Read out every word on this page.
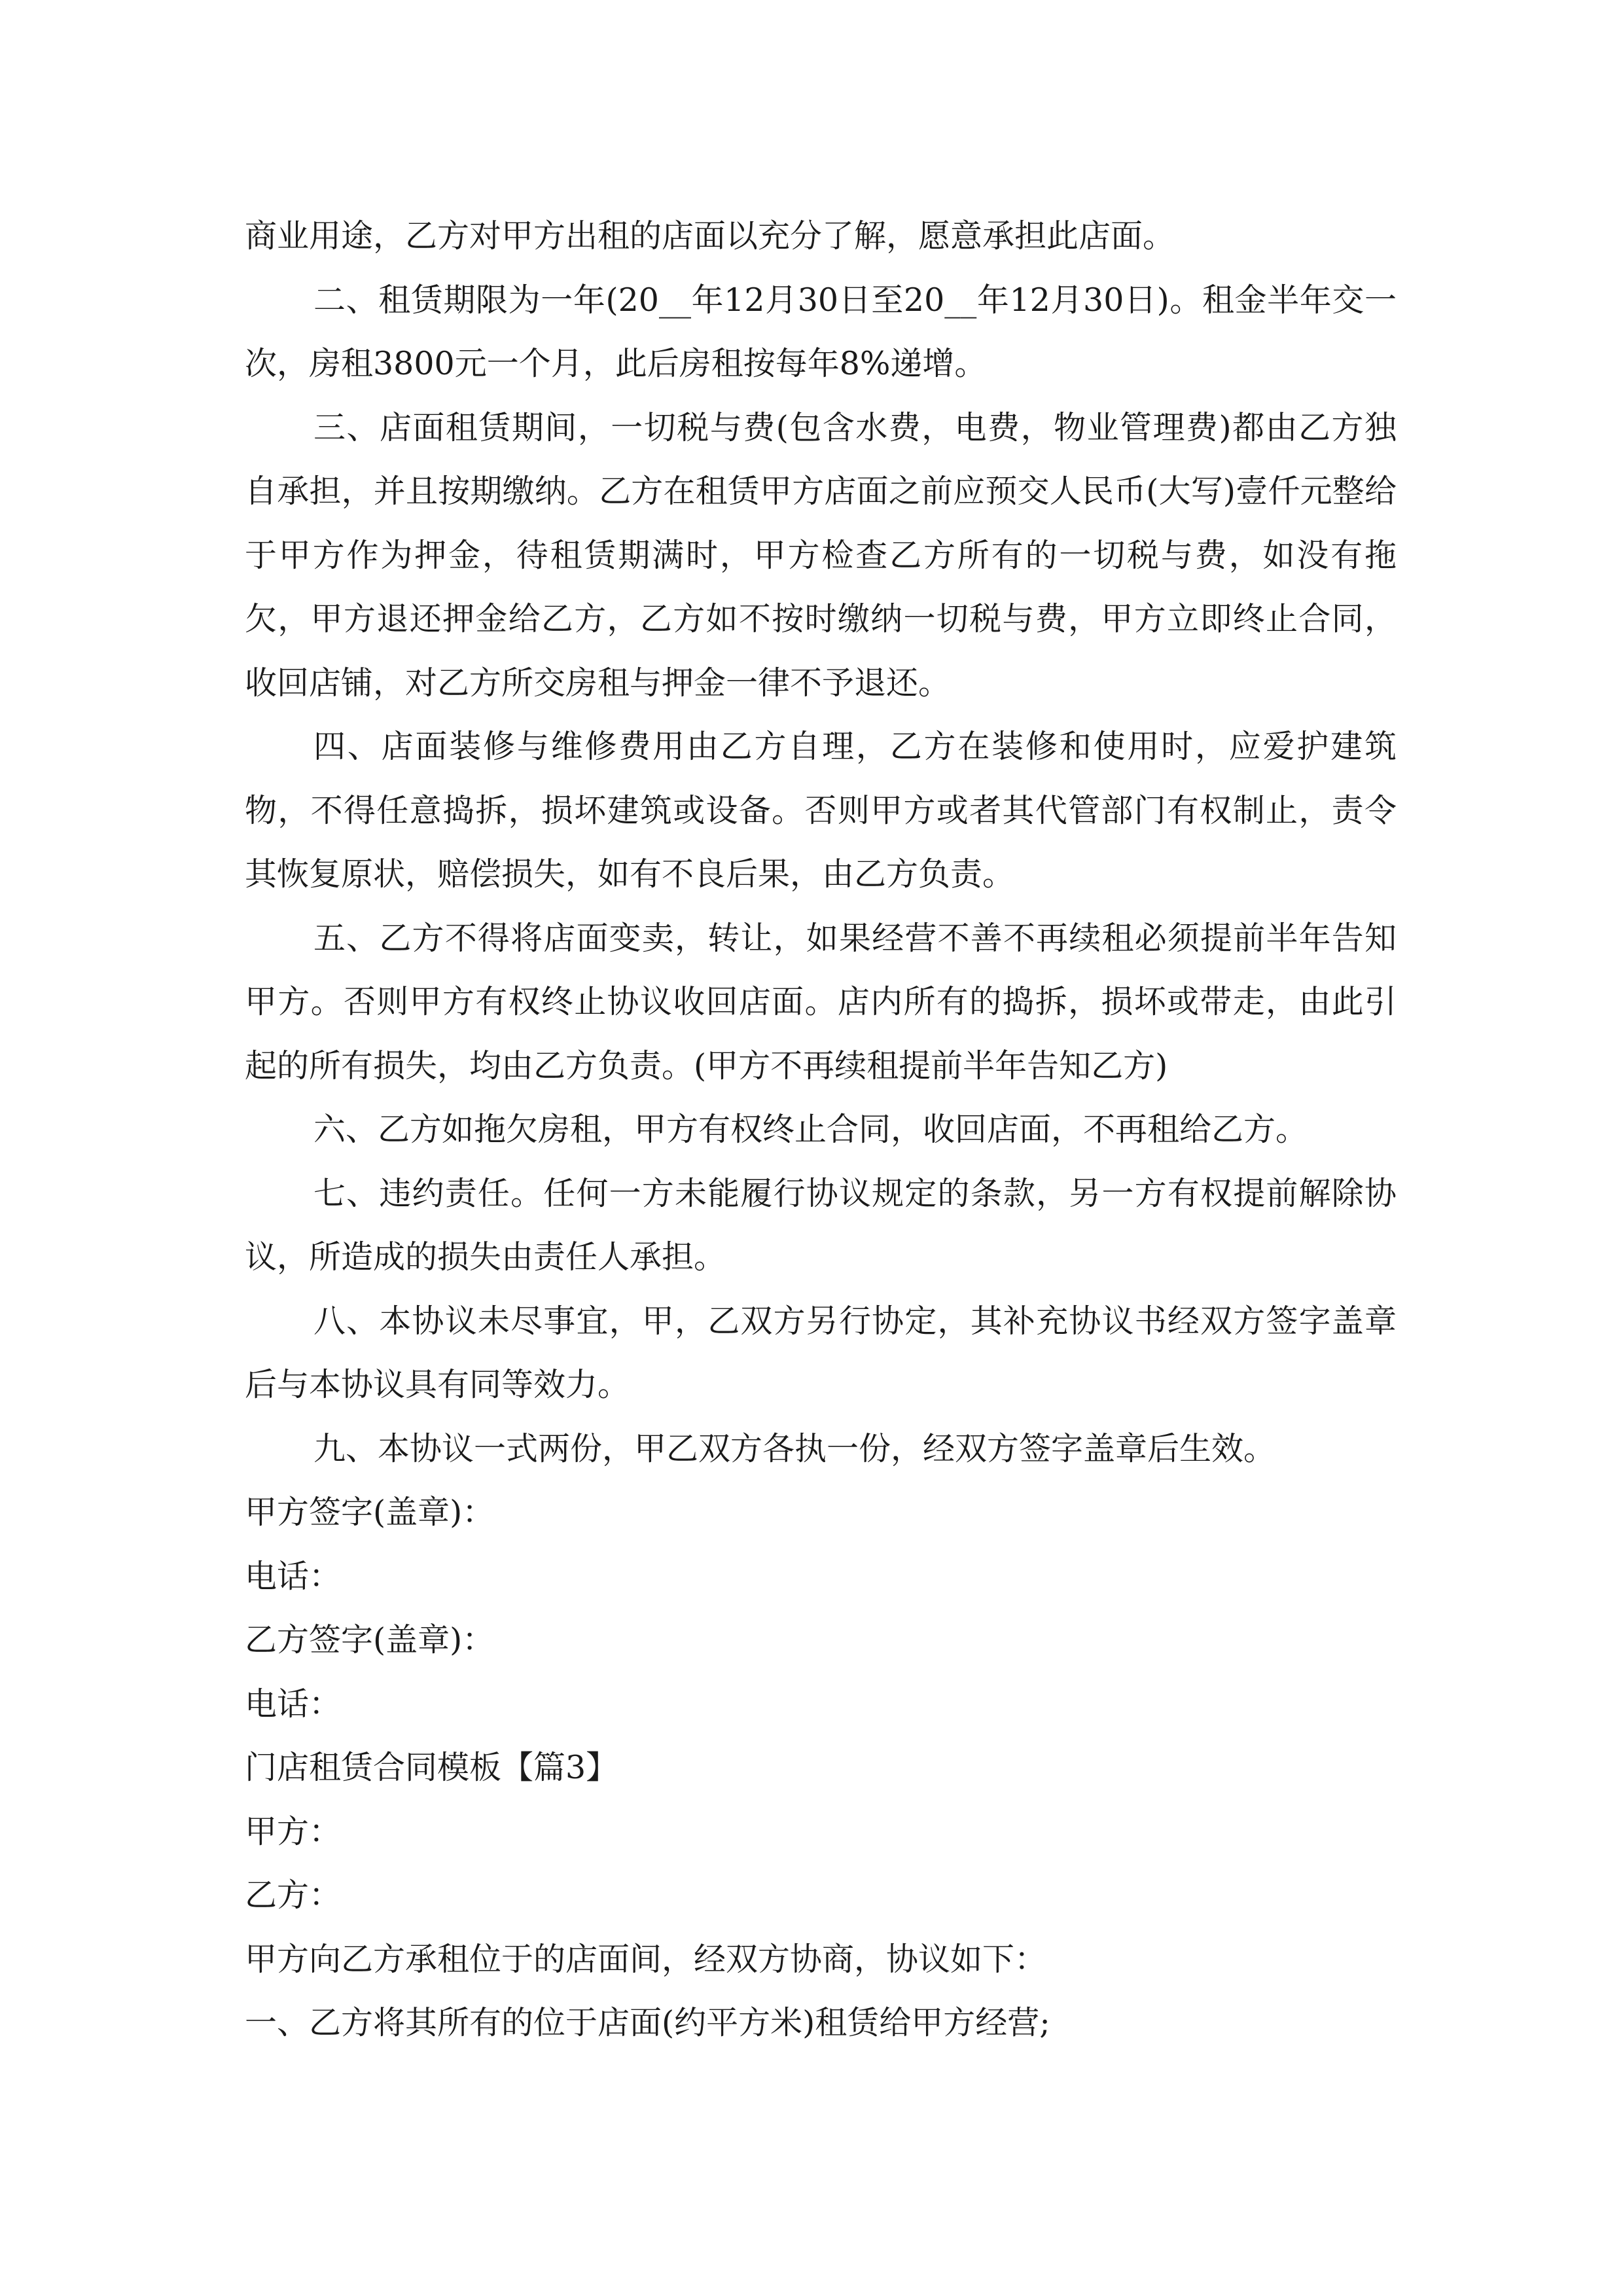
商业用途，乙方对甲方出租的店面以充分了解，愿意承担此店面。

二、租赁期限为一年(20__年12月30日至20__年12月30日)。租金半年交一次，房租3800元一个月，此后房租按每年8%递增。

三、店面租赁期间，一切税与费(包含水费，电费，物业管理费)都由乙方独自承担，并且按期缴纳。乙方在租赁甲方店面之前应预交人民币(大写)壹仟元整给于甲方作为押金，待租赁期满时，甲方检查乙方所有的一切税与费，如没有拖欠，甲方退还押金给乙方，乙方如不按时缴纳一切税与费，甲方立即终止合同，收回店铺，对乙方所交房租与押金一律不予退还。

四、店面装修与维修费用由乙方自理，乙方在装修和使用时，应爱护建筑物，不得任意捣拆，损坏建筑或设备。否则甲方或者其代管部门有权制止，责令其恢复原状，赔偿损失，如有不良后果，由乙方负责。

五、乙方不得将店面变卖，转让，如果经营不善不再续租必须提前半年告知甲方。否则甲方有权终止协议收回店面。店内所有的捣拆，损坏或带走，由此引起的所有损失，均由乙方负责。(甲方不再续租提前半年告知乙方)

六、乙方如拖欠房租，甲方有权终止合同，收回店面，不再租给乙方。

七、违约责任。任何一方未能履行协议规定的条款，另一方有权提前解除协议，所造成的损失由责任人承担。

八、本协议未尽事宜，甲，乙双方另行协定，其补充协议书经双方签字盖章后与本协议具有同等效力。

九、本协议一式两份，甲乙双方各执一份，经双方签字盖章后生效。

甲方签字(盖章)：

电话：

乙方签字(盖章)：

电话：

门店租赁合同模板【篇3】

甲方：

乙方：

甲方向乙方承租位于的店面间，经双方协商，协议如下：

一、乙方将其所有的位于店面(约平方米)租赁给甲方经营;
